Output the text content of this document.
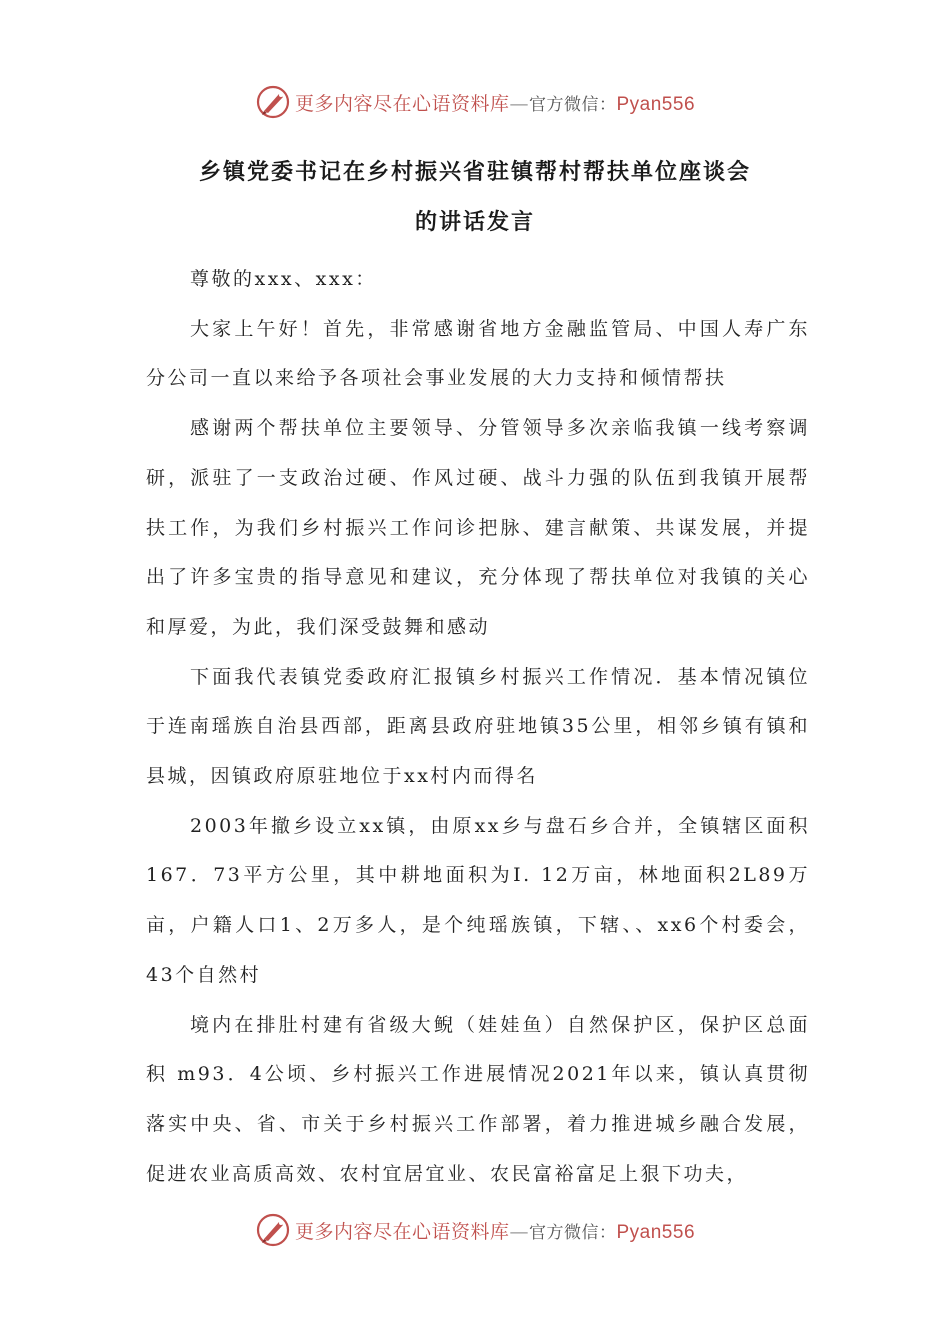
更多内容尽在心语资料库—官方微信：Pyan556
乡镇党委书记在乡村振兴省驻镇帮村帮扶单位座谈会
的讲话发言

尊敬的xxx、xxx：

大家上午好！首先，非常感谢省地方金融监管局、中国人寿广东分公司一直以来给予各项社会事业发展的大力支持和倾情帮扶

感谢两个帮扶单位主要领导、分管领导多次亲临我镇一线考察调研，派驻了一支政治过硬、作风过硬、战斗力强的队伍到我镇开展帮扶工作，为我们乡村振兴工作问诊把脉、建言献策、共谋发展，并提出了许多宝贵的指导意见和建议，充分体现了帮扶单位对我镇的关心和厚爱，为此，我们深受鼓舞和感动

下面我代表镇党委政府汇报镇乡村振兴工作情况．基本情况镇位于连南瑶族自治县西部，距离县政府驻地镇35公里，相邻乡镇有镇和县城，因镇政府原驻地位于xx村内而得名

2003年撤乡设立xx镇，由原xx乡与盘石乡合并，全镇辖区面积167．73平方公里，其中耕地面积为I. 12万亩，林地面积2L89万亩，户籍人口1、2万多人，是个纯瑶族镇，下辖、、xx6个村委会，43个自然村

境内在排肚村建有省级大鲵（娃娃鱼）自然保护区，保护区总面积 m93．4公顷、乡村振兴工作进展情况2021年以来，镇认真贯彻落实中央、省、市关于乡村振兴工作部署，着力推进城乡融合发展，促进农业高质高效、农村宜居宜业、农民富裕富足上狠下功夫，

更多内容尽在心语资料库—官方微信：Pyan556
